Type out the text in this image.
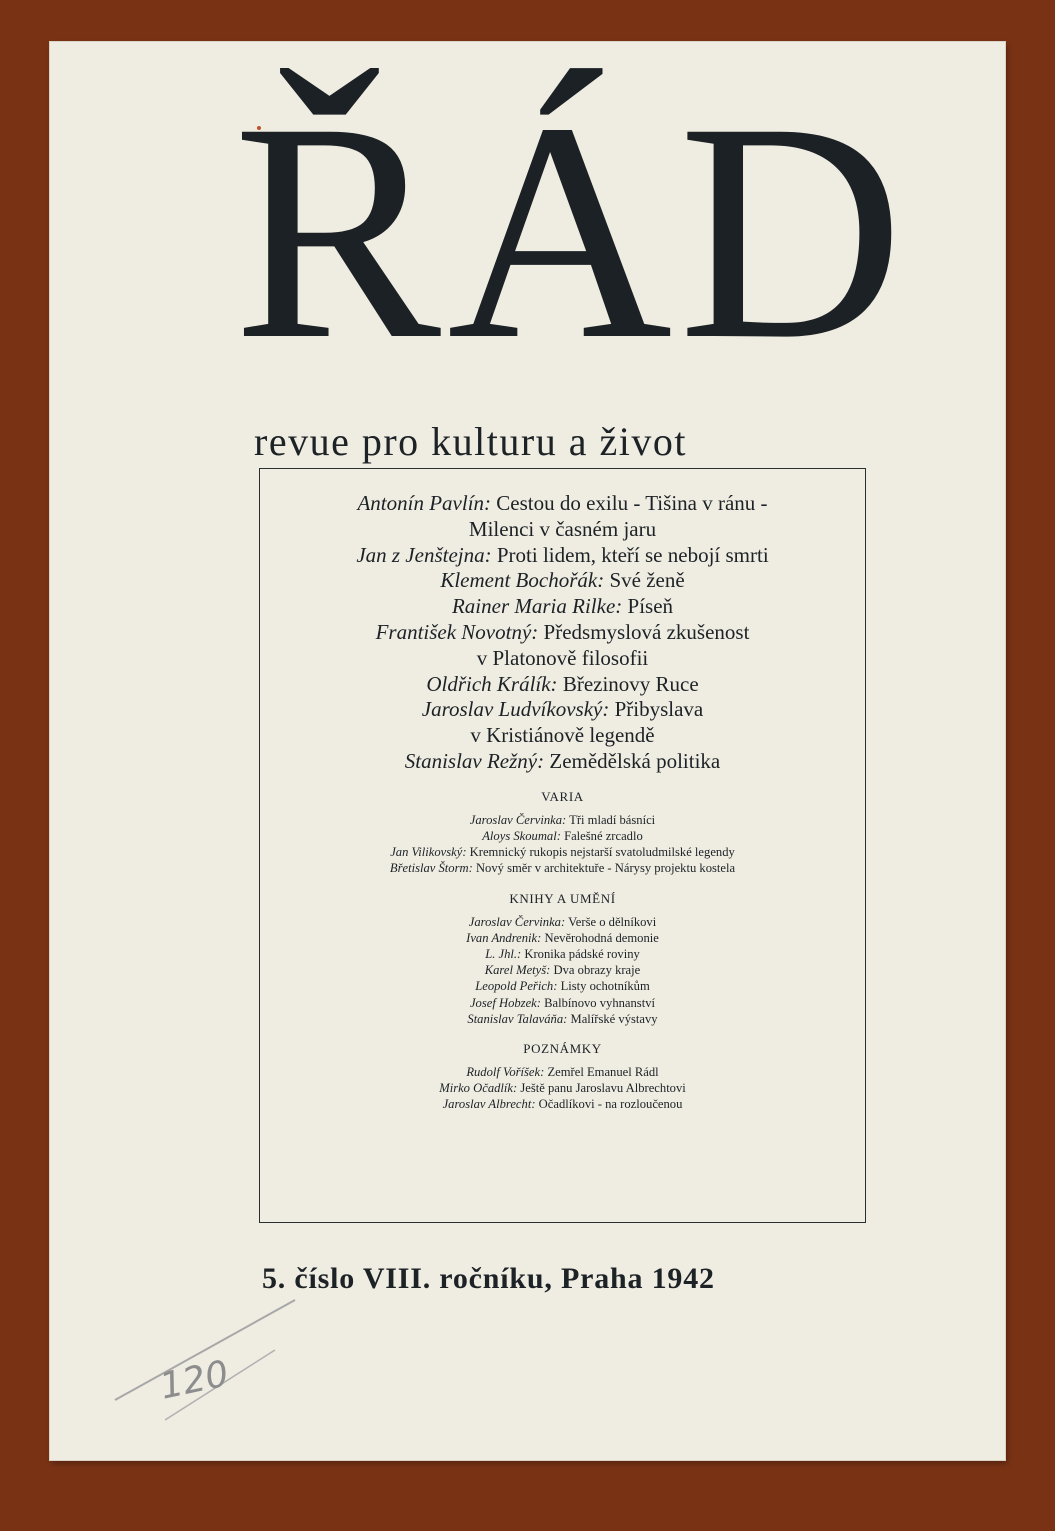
ŘÁD
revue pro kulturu a život
Antonín Pavlín: Cestou do exilu - Tišina v ránu -
Milenci v časném jaru
Jan z Jenštejna: Proti lidem, kteří se nebojí smrti
Klement Bochořák: Své ženě
Rainer Maria Rilke: Píseň
František Novotný: Předsmyslová zkušenost
v Platonově filosofii
Oldřich Králík: Březinovy Ruce
Jaroslav Ludvíkovský: Přibyslava
v Kristiánově legendě
Stanislav Režný: Zemědělská politika
VARIA
Jaroslav Červinka: Tři mladí básníci
Aloys Skoumal: Falešné zrcadlo
Jan Vilikovský: Kremnický rukopis nejstarší svatoludmilské legendy
Břetislav Štorm: Nový směr v architektuře - Nárysy projektu kostela
KNIHY A UMĚNÍ
Jaroslav Červinka: Verše o dělníkovi
Ivan Andrenik: Nevěrohodná demonie
L. Jhl.: Kronika pádské roviny
Karel Metyš: Dva obrazy kraje
Leopold Peřich: Listy ochotníkům
Josef Hobzek: Balbínovo vyhnanství
Stanislav Talaváňa: Malířské výstavy
POZNÁMKY
Rudolf Voříšek: Zemřel Emanuel Rádl
Mirko Očadlík: Ještě panu Jaroslavu Albrechtovi
Jaroslav Albrecht: Očadlíkovi - na rozloučenou
5. číslo VIII. ročníku, Praha 1942
120
